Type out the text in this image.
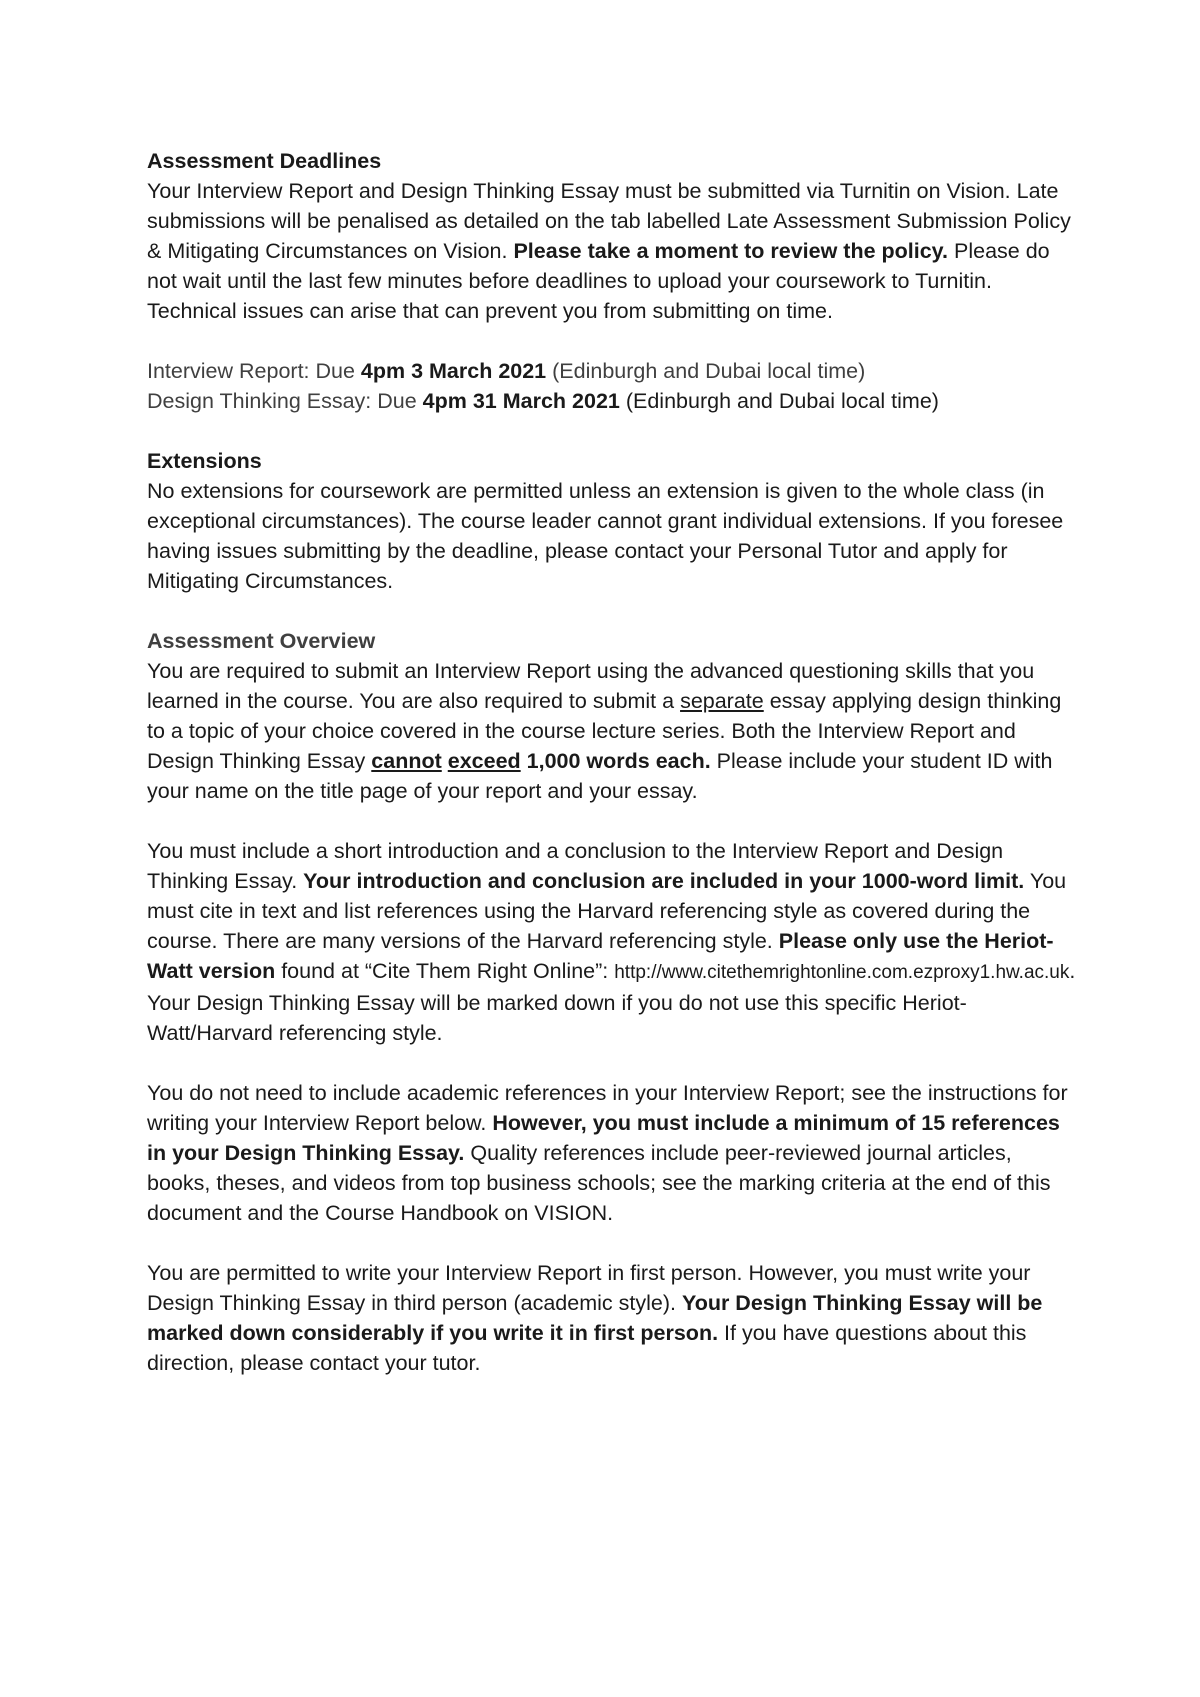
Assessment Deadlines

Your Interview Report and Design Thinking Essay must be submitted via Turnitin on Vision. Late submissions will be penalised as detailed on the tab labelled Late Assessment Submission Policy & Mitigating Circumstances on Vision. Please take a moment to review the policy. Please do not wait until the last few minutes before deadlines to upload your coursework to Turnitin. Technical issues can arise that can prevent you from submitting on time.

Interview Report: Due 4pm 3 March 2021 (Edinburgh and Dubai local time)
Design Thinking Essay: Due 4pm 31 March 2021 (Edinburgh and Dubai local time)
Extensions

No extensions for coursework are permitted unless an extension is given to the whole class (in exceptional circumstances). The course leader cannot grant individual extensions. If you foresee having issues submitting by the deadline, please contact your Personal Tutor and apply for Mitigating Circumstances.

Assessment Overview

You are required to submit an Interview Report using the advanced questioning skills that you learned in the course. You are also required to submit a separate essay applying design thinking to a topic of your choice covered in the course lecture series. Both the Interview Report and Design Thinking Essay cannot exceed 1,000 words each. Please include your student ID with your name on the title page of your report and your essay.

You must include a short introduction and a conclusion to the Interview Report and Design Thinking Essay. Your introduction and conclusion are included in your 1000-word limit. You must cite in text and list references using the Harvard referencing style as covered during the course. There are many versions of the Harvard referencing style. Please only use the Heriot-Watt version found at “Cite Them Right Online”: http://www.citethemrightonline.com.ezproxy1.hw.ac.uk. Your Design Thinking Essay will be marked down if you do not use this specific Heriot-Watt/Harvard referencing style.

You do not need to include academic references in your Interview Report; see the instructions for writing your Interview Report below. However, you must include a minimum of 15 references in your Design Thinking Essay. Quality references include peer-reviewed journal articles, books, theses, and videos from top business schools; see the marking criteria at the end of this document and the Course Handbook on VISION.

You are permitted to write your Interview Report in first person. However, you must write your Design Thinking Essay in third person (academic style). Your Design Thinking Essay will be marked down considerably if you write it in first person. If you have questions about this direction, please contact your tutor.
